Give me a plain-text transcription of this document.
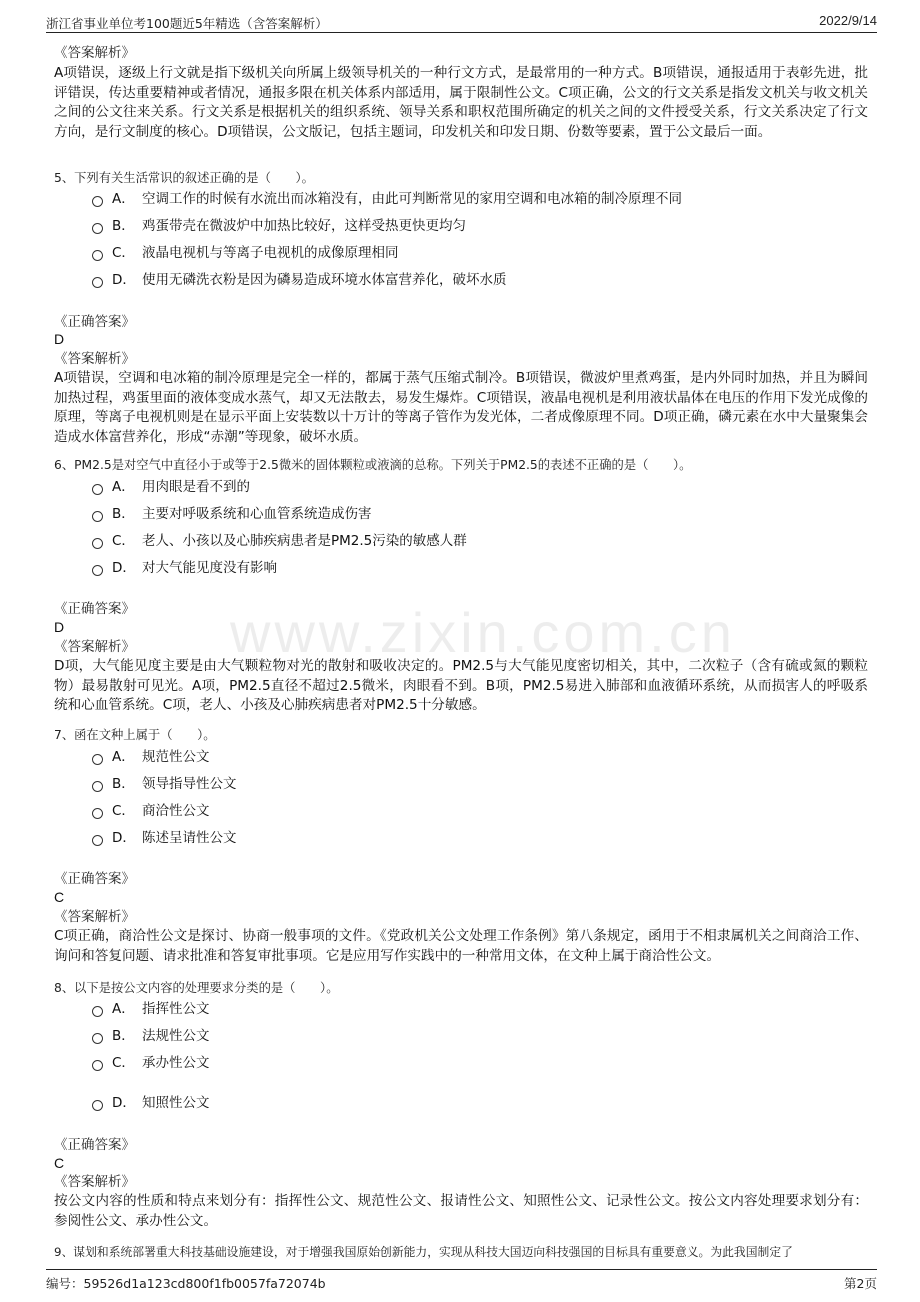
浙江省事业单位考100题近5年精选（含答案解析）	2022/9/14
www.zixin.com.cn
《答案解析》
A项错误，逐级上行文就是指下级机关向所属上级领导机关的一种行文方式，是最常用的一种方式。B项错误，通报适用于表彰先进，批评错误，传达重要精神或者情况，通报多限在机关体系内部适用，属于限制性公文。C项正确，公文的行文关系是指发文机关与收文机关之间的公文往来关系。行文关系是根据机关的组织系统、领导关系和职权范围所确定的机关之间的文件授受关系，行文关系决定了行文方向，是行文制度的核心。D项错误，公文版记，包括主题词，印发机关和印发日期、份数等要素，置于公文最后一面。
5、下列有关生活常识的叙述正确的是（　　）。
A． 空调工作的时候有水流出而冰箱没有，由此可判断常见的家用空调和电冰箱的制冷原理不同
B． 鸡蛋带壳在微波炉中加热比较好，这样受热更快更均匀
C． 液晶电视机与等离子电视机的成像原理相同
D． 使用无磷洗衣粉是因为磷易造成环境水体富营养化，破坏水质
《正确答案》
D
《答案解析》
A项错误，空调和电冰箱的制冷原理是完全一样的，都属于蒸气压缩式制冷。B项错误，微波炉里煮鸡蛋，是内外同时加热，并且为瞬间加热过程，鸡蛋里面的液体变成水蒸气，却又无法散去，易发生爆炸。C项错误，液晶电视机是利用液状晶体在电压的作用下发光成像的原理，等离子电视机则是在显示平面上安装数以十万计的等离子管作为发光体，二者成像原理不同。D项正确，磷元素在水中大量聚集会造成水体富营养化，形成“赤潮”等现象，破坏水质。
6、PM2.5是对空气中直径小于或等于2.5微米的固体颗粒或液滴的总称。下列关于PM2.5的表述不正确的是（　　）。
A． 用肉眼是看不到的
B． 主要对呼吸系统和心血管系统造成伤害
C． 老人、小孩以及心肺疾病患者是PM2.5污染的敏感人群
D． 对大气能见度没有影响
《正确答案》
D
《答案解析》
D项，大气能见度主要是由大气颗粒物对光的散射和吸收决定的。PM2.5与大气能见度密切相关，其中，二次粒子（含有硫或氮的颗粒物）最易散射可见光。A项，PM2.5直径不超过2.5微米，肉眼看不到。B项，PM2.5易进入肺部和血液循环系统，从而损害人的呼吸系统和心血管系统。C项，老人、小孩及心肺疾病患者对PM2.5十分敏感。
7、函在文种上属于（　　）。
A． 规范性公文
B． 领导指导性公文
C． 商洽性公文
D． 陈述呈请性公文
《正确答案》
C
《答案解析》
C项正确，商洽性公文是探讨、协商一般事项的文件。《党政机关公文处理工作条例》第八条规定，函用于不相隶属机关之间商洽工作、询问和答复问题、请求批准和答复审批事项。它是应用写作实践中的一种常用文体，在文种上属于商洽性公文。
8、以下是按公文内容的处理要求分类的是（　　）。
A． 指挥性公文
B． 法规性公文
C． 承办性公文
D． 知照性公文
《正确答案》
C
《答案解析》
按公文内容的性质和特点来划分有：指挥性公文、规范性公文、报请性公文、知照性公文、记录性公文。按公文内容处理要求划分有：参阅性公文、承办性公文。
9、谋划和系统部署重大科技基础设施建设，对于增强我国原始创新能力，实现从科技大国迈向科技强国的目标具有重要意义。为此我国制定了
编号：59526d1a123cd800f1fb0057fa72074b	第2页
